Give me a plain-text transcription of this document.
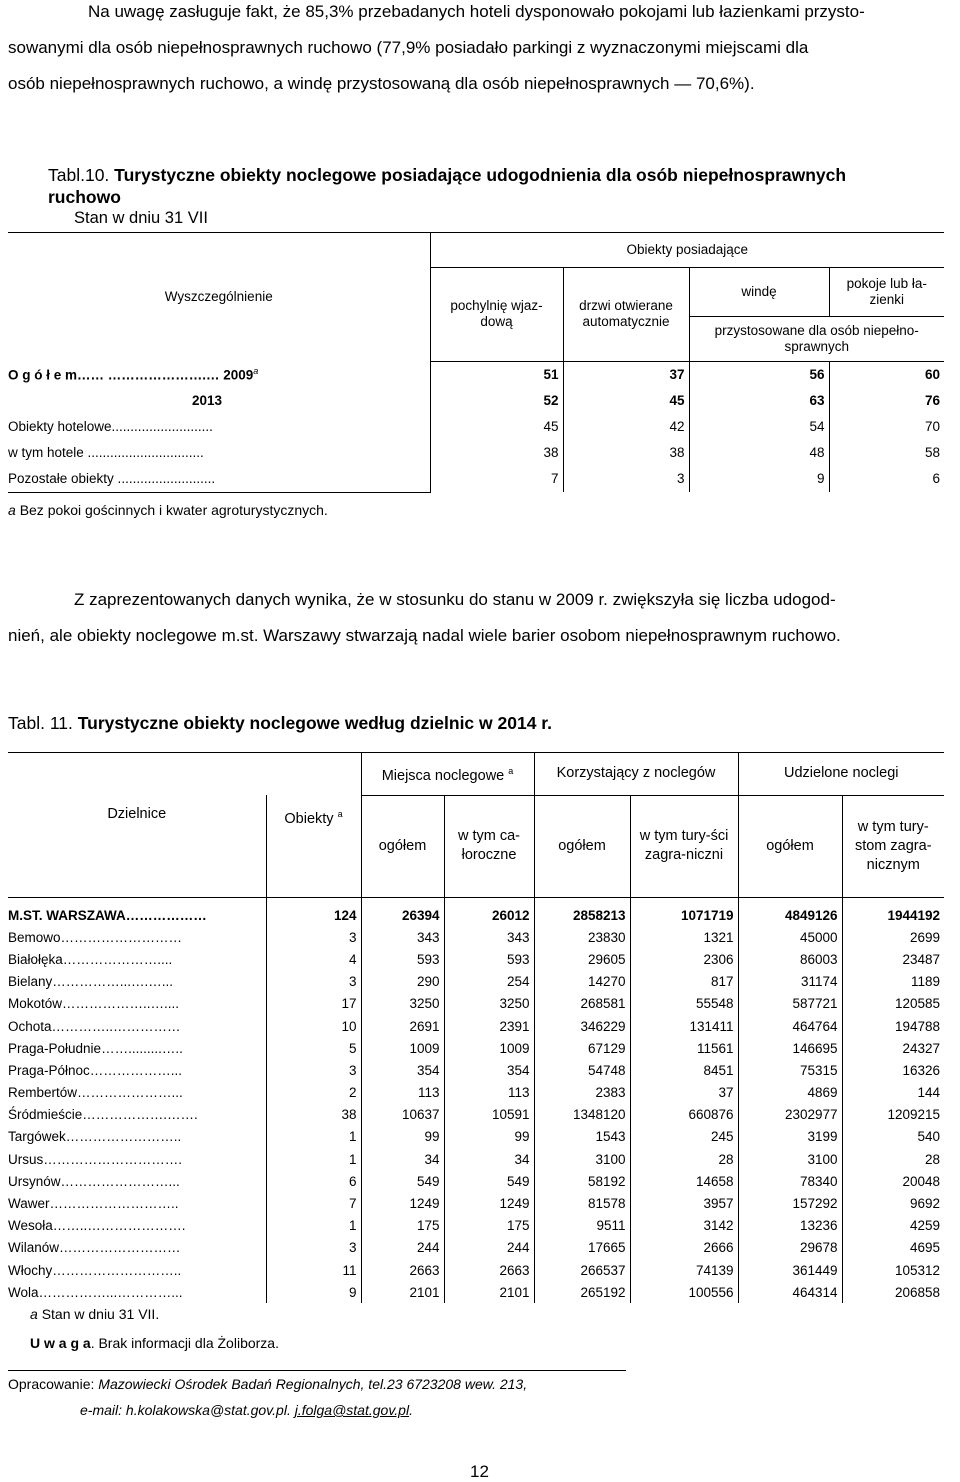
Na uwagę zasługuje fakt, że 85,3% przebadanych hoteli dysponowało pokojami lub łazienkami przysto-
sowanymi dla osób niepełnosprawnych ruchowo (77,9% posiadało parkingi z wyznaczonymi miejscami dla
osób niepełnosprawnych ruchowo, a windę przystosowaną dla osób niepełnosprawnych — 70,6%).
Tabl.10. Turystyczne obiekty noclegowe posiadające udogodnienia dla osób niepełnosprawnych
ruchowo
Stan w dniu 31 VII
Wyszczególnienie	Obiekty posiadające			
	pochylnię wjaz-dową	drzwi otwierane automatycznie	windę	pokoje lub ła-zienki
			przystosowane dla osób niepełno-sprawnych	
O g ó ł e m…… ………………….… 2009$^a$	51	37	56	60
2013	52	45	63	76
Obiekty hotelowe...........................	45	42	54	70
w tym hotele ...............................	38	38	48	58
Pozostałe obiekty ..........................	7	3	9	6
a Bez pokoi gościnnych i kwater agroturystycznych.
Z zaprezentowanych danych wynika, że w stosunku do stanu w 2009 r. zwiększyła się liczba udogod-
nień, ale obiekty noclegowe m.st. Warszawy stwarzają nadal wiele barier osobom niepełnosprawnym ruchowo.
Tabl. 11. Turystyczne obiekty noclegowe według dzielnic w 2014 r.
		Miejsca noclegowe $^a$		Korzystający z noclegów		Udzielone noclegi	
Dzielnice	Obiekty $^a$	ogółem	w tym ca-łoroczne	ogółem	w tym tury-ści zagra-niczni	ogółem	w tym tury-stom zagra-nicznym
M.ST. WARSZAWA………………	124	26394	26012	2858213	1071719	4849126	1944192
Bemowo………………………	3	343	343	23830	1321	45000	2699
Białołęka…………………....	4	593	593	29605	2306	86003	23487
Bielany……………...….…...	3	290	254	14270	817	31174	1189
Mokotów………………..…....	17	3250	3250	268581	55548	587721	120585
Ochota…………..……………	10	2691	2391	346229	131411	464764	194788
Praga-Południe…….........…..	5	1009	1009	67129	11561	146695	24327
Praga-Północ………………...	3	354	354	54748	8451	75315	16326
Rembertów…………………...	2	113	113	2383	37	4869	144
Śródmieście……………….…….	38	10637	10591	1348120	660876	2302977	1209215
Targówek……………………..	1	99	99	1543	245	3199	540
Ursus………………………….	1	34	34	3100	28	3100	28
Ursynów……………………...	6	549	549	58192	14658	78340	20048
Wawer………………………..	7	1249	1249	81578	3957	157292	9692
Wesoła……..………………….	1	175	175	9511	3142	13236	4259
Wilanów………………………	3	244	244	17665	2666	29678	4695
Włochy………………………..	11	2663	2663	266537	74139	361449	105312
Wola……………...…………...	9	2101	2101	265192	100556	464314	206858
a Stan w dniu 31 VII.
U w a g a. Brak informacji dla Żoliborza.
Opracowanie: Mazowiecki Ośrodek Badań Regionalnych, tel.23 6723208 wew. 213,
e-mail: h.kolakowska@stat.gov.pl. j.folga@stat.gov.pl.
12
